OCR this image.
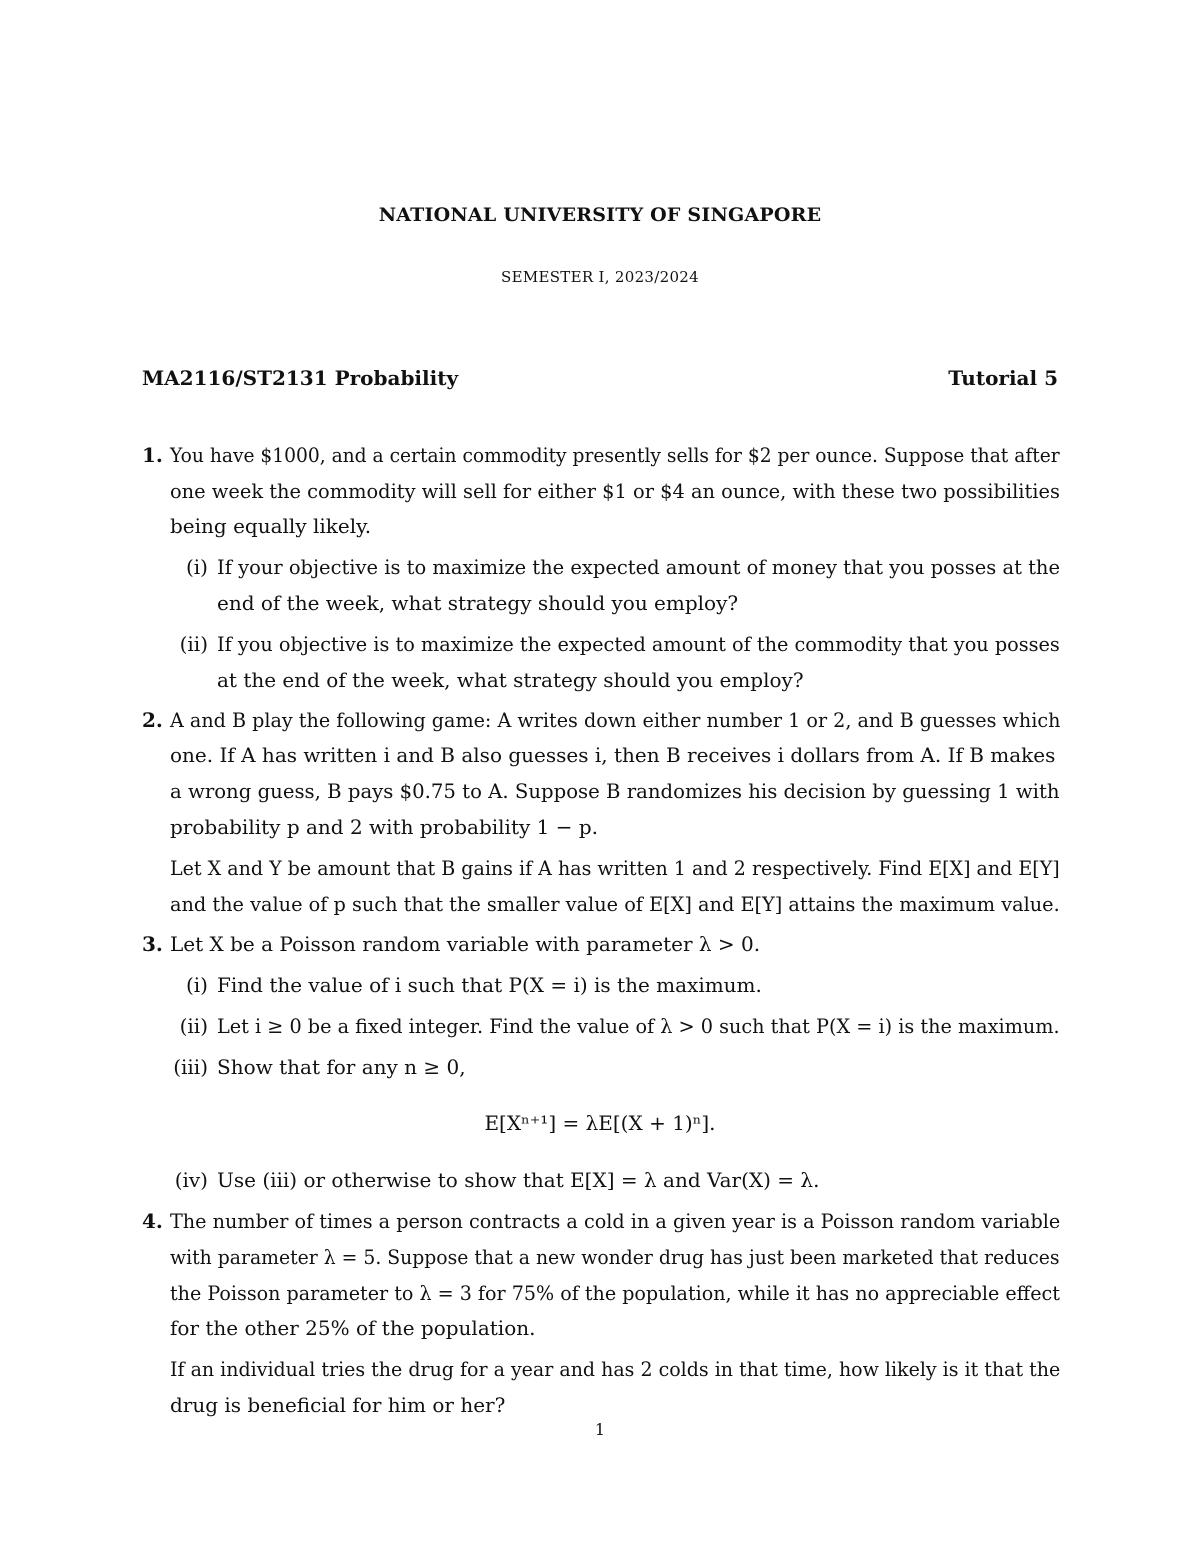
NATIONAL UNIVERSITY OF SINGAPORE
SEMESTER I, 2023/2024
MA2116/ST2131 Probability	Tutorial 5
1. You have $1000, and a certain commodity presently sells for $2 per ounce. Suppose that after
one week the commodity will sell for either $1 or $4 an ounce, with these two possibilities
being equally likely.
(i) If your objective is to maximize the expected amount of money that you posses at the
end of the week, what strategy should you employ?
(ii) If you objective is to maximize the expected amount of the commodity that you posses
at the end of the week, what strategy should you employ?
2. A and B play the following game: A writes down either number 1 or 2, and B guesses which
one. If A has written i and B also guesses i, then B receives i dollars from A. If B makes
a wrong guess, B pays $0.75 to A. Suppose B randomizes his decision by guessing 1 with
probability p and 2 with probability 1 − p.
Let X and Y be amount that B gains if A has written 1 and 2 respectively. Find E[X] and E[Y]
and the value of p such that the smaller value of E[X] and E[Y] attains the maximum value.
3. Let X be a Poisson random variable with parameter λ > 0.
(i) Find the value of i such that P(X = i) is the maximum.
(ii) Let i ≥ 0 be a fixed integer. Find the value of λ > 0 such that P(X = i) is the maximum.
(iii) Show that for any n ≥ 0,
E[Xⁿ⁺¹] = λE[(X + 1)ⁿ].
(iv) Use (iii) or otherwise to show that E[X] = λ and Var(X) = λ.
4. The number of times a person contracts a cold in a given year is a Poisson random variable
with parameter λ = 5. Suppose that a new wonder drug has just been marketed that reduces
the Poisson parameter to λ = 3 for 75% of the population, while it has no appreciable effect
for the other 25% of the population.
If an individual tries the drug for a year and has 2 colds in that time, how likely is it that the
drug is beneficial for him or her?
1
